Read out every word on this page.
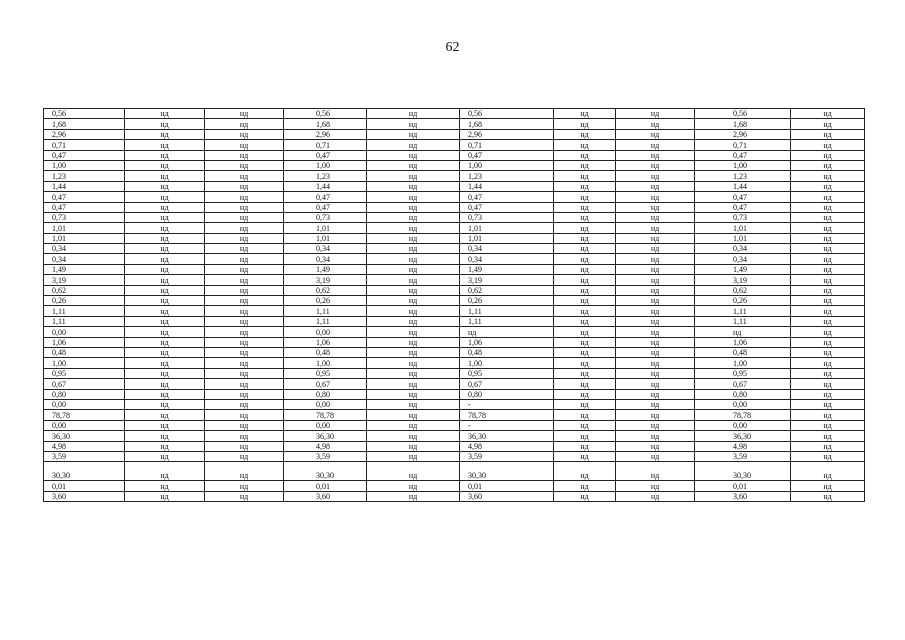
62
0,56	нд	нд	0,56	нд	0,56	нд	нд	0,56	нд
1,68	нд	нд	1,68	нд	1,68	нд	нд	1,68	нд
2,96	нд	нд	2,96	нд	2,96	нд	нд	2,96	нд
0,71	нд	нд	0,71	нд	0,71	нд	нд	0,71	нд
0,47	нд	нд	0,47	нд	0,47	нд	нд	0,47	нд
1,00	нд	нд	1,00	нд	1,00	нд	нд	1,00	нд
1,23	нд	нд	1,23	нд	1,23	нд	нд	1,23	нд
1,44	нд	нд	1,44	нд	1,44	нд	нд	1,44	нд
0,47	нд	нд	0,47	нд	0,47	нд	нд	0,47	нд
0,47	нд	нд	0,47	нд	0,47	нд	нд	0,47	нд
0,73	нд	нд	0,73	нд	0,73	нд	нд	0,73	нд
1,01	нд	нд	1,01	нд	1,01	нд	нд	1,01	нд
1,01	нд	нд	1,01	нд	1,01	нд	нд	1,01	нд
0,34	нд	нд	0,34	нд	0,34	нд	нд	0,34	нд
0,34	нд	нд	0,34	нд	0,34	нд	нд	0,34	нд
1,49	нд	нд	1,49	нд	1,49	нд	нд	1,49	нд
3,19	нд	нд	3,19	нд	3,19	нд	нд	3,19	нд
0,62	нд	нд	0,62	нд	0,62	нд	нд	0,62	нд
0,26	нд	нд	0,26	нд	0,26	нд	нд	0,26	нд
1,11	нд	нд	1,11	нд	1,11	нд	нд	1,11	нд
1,11	нд	нд	1,11	нд	1,11	нд	нд	1,11	нд
0,00	нд	нд	0,00	нд	нд	нд	нд	нд	нд
1,06	нд	нд	1,06	нд	1,06	нд	нд	1,06	нд
0,48	нд	нд	0,48	нд	0,48	нд	нд	0,48	нд
1,00	нд	нд	1,00	нд	1,00	нд	нд	1,00	нд
0,95	нд	нд	0,95	нд	0,95	нд	нд	0,95	нд
0,67	нд	нд	0,67	нд	0,67	нд	нд	0,67	нд
0,80	нд	нд	0,80	нд	0,80	нд	нд	0,80	нд
0,00	нд	нд	0,00	нд	-	нд	нд	0,00	нд
78,78	нд	нд	78,78	нд	78,78	нд	нд	78,78	нд
0,00	нд	нд	0,00	нд	-	нд	нд	0,00	нд
36,30	нд	нд	36,30	нд	36,30	нд	нд	36,30	нд
4,98	нд	нд	4,98	нд	4,98	нд	нд	4,98	нд
3,59	нд	нд	3,59	нд	3,59	нд	нд	3,59	нд
30,30	нд	нд	30,30	нд	30,30	нд	нд	30,30	нд
0,01	нд	нд	0,01	нд	0,01	нд	нд	0,01	нд
3,60	нд	нд	3,60	нд	3,60	нд	нд	3,60	нд
